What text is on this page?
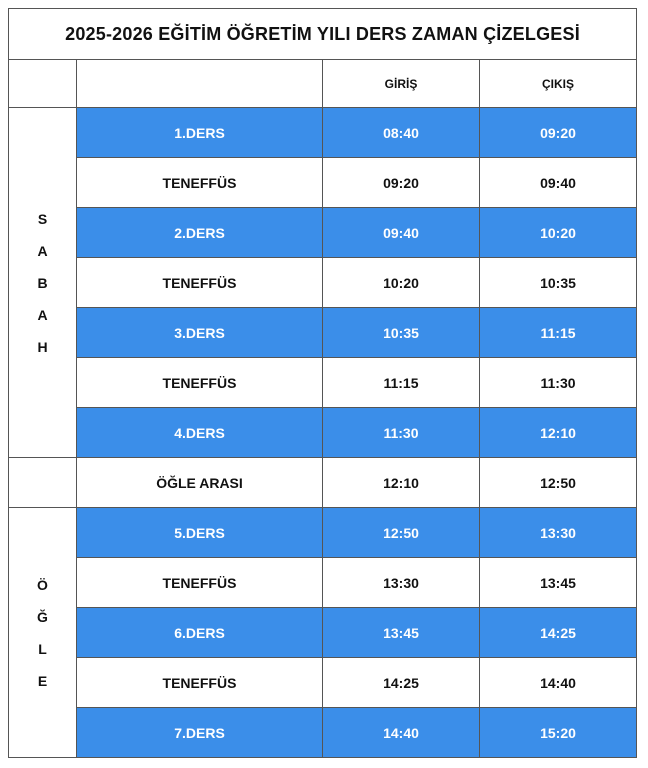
2025-2026 EĞİTİM ÖĞRETİM YILI DERS ZAMAN ÇİZELGESİ			
		GİRİŞ	ÇIKIŞ

S
A
B
A
H	1.DERS	08:40	09:20
	TENEFFÜS	09:20	09:40
	2.DERS	09:40	10:20
	TENEFFÜS	10:20	10:35
	3.DERS	10:35	11:15
	TENEFFÜS	11:15	11:30
	4.DERS	11:30	12:10
	ÖĞLE ARASI	12:10	12:50

Ö
Ğ
L
E	5.DERS	12:50	13:30
	TENEFFÜS	13:30	13:45
	6.DERS	13:45	14:25
	TENEFFÜS	14:25	14:40
	7.DERS	14:40	15:20
